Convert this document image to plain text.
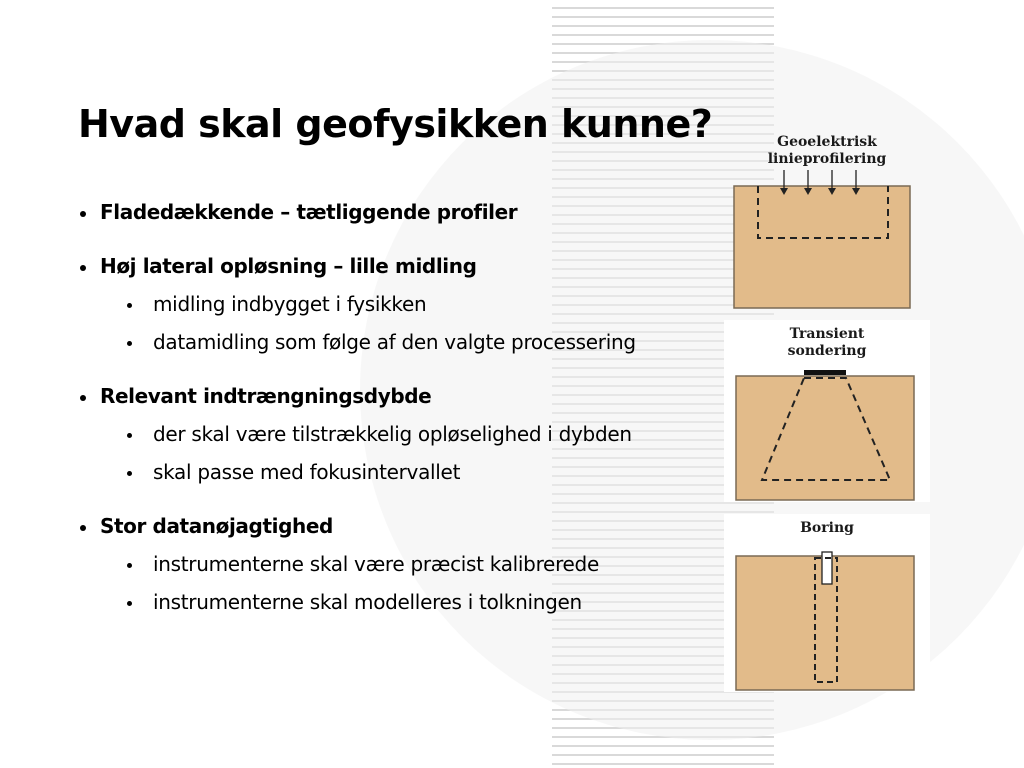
Hvad skal geofysikken kunne?
Fladedækkende – tætliggende profiler
Høj lateral opløsning – lille midling
midling indbygget i fysikken
datamidling som følge af den valgte processering
Relevant indtrængningsdybde
der skal være tilstrækkelig opløselighed i dybden
skal passe med fokusintervallet
Stor datanøjagtighed
instrumenterne skal være præcist kalibrerede
instrumenterne skal modelleres i tolkningen
Geoelektrisk
linieprofilering
Transient
sondering
Boring
